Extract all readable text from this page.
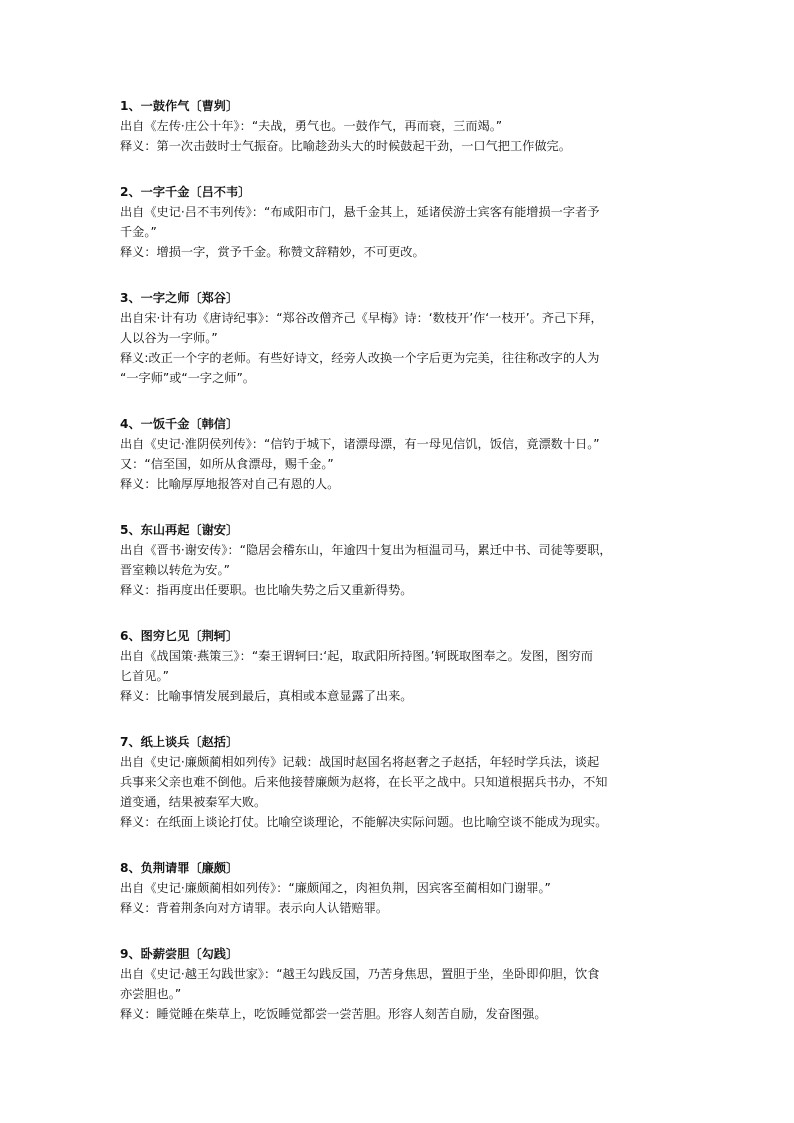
1、一鼓作气〔曹刿〕
出自《左传·庄公十年》：“夫战，勇气也。一鼓作气，再而衰，三而竭。”
释义：第一次击鼓时士气振奋。比喻趁劲头大的时候鼓起干劲，一口气把工作做完。
2、一字千金〔吕不韦〕
出自《史记·吕不韦列传》：“布咸阳市门，悬千金其上，延诸侯游士宾客有能增损一字者予
千金。”
释义：增损一字，赏予千金。称赞文辞精妙，不可更改。
3、一字之师〔郑谷〕
出自宋·计有功《唐诗纪事》：“郑谷改僧齐己《早梅》诗：‘数枝开’作‘一枝开’。齐己下拜，
人以谷为一字师。”
释义:改正一个字的老师。有些好诗文，经旁人改换一个字后更为完美，往往称改字的人为
“一字师”或“一字之师”。
4、一饭千金〔韩信〕
出自《史记·淮阴侯列传》：“信钓于城下，诸漂母漂，有一母见信饥，饭信，竟漂数十日。”
又：“信至国，如所从食漂母，赐千金。”
释义：比喻厚厚地报答对自己有恩的人。
5、东山再起〔谢安〕
出自《晋书·谢安传》：“隐居会稽东山，年逾四十复出为桓温司马，累迁中书、司徒等要职，
晋室赖以转危为安。”
释义：指再度出任要职。也比喻失势之后又重新得势。
6、图穷匕见〔荆轲〕
出自《战国策·燕策三》：“秦王谓轲曰:‘起，取武阳所持图。’轲既取图奉之。发图，图穷而
匕首见。”
释义：比喻事情发展到最后，真相或本意显露了出来。
7、纸上谈兵〔赵括〕
出自《史记·廉颇蔺相如列传》记载：战国时赵国名将赵奢之子赵括，年轻时学兵法，谈起
兵事来父亲也难不倒他。后来他接替廉颇为赵将，在长平之战中。只知道根据兵书办，不知
道变通，结果被秦军大败。
释义：在纸面上谈论打仗。比喻空谈理论，不能解决实际问题。也比喻空谈不能成为现实。
8、负荆请罪〔廉颇〕
出自《史记·廉颇蔺相如列传》：“廉颇闻之，肉袒负荆，因宾客至蔺相如门谢罪。”
释义：背着荆条向对方请罪。表示向人认错赔罪。
9、卧薪尝胆〔勾践〕
出自《史记·越王勾践世家》：“越王勾践反国，乃苦身焦思，置胆于坐，坐卧即仰胆，饮食
亦尝胆也。”
释义：睡觉睡在柴草上，吃饭睡觉都尝一尝苦胆。形容人刻苦自励，发奋图强。
